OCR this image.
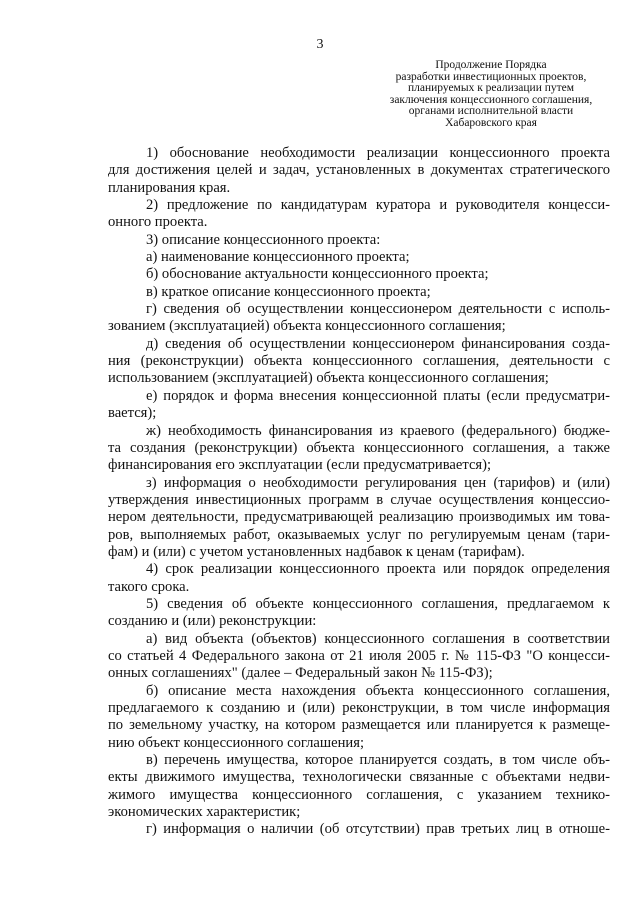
3
Продолжение Порядка
разработки инвестиционных проектов,
планируемых к реализации путем
заключения концессионного соглашения,
органами исполнительной власти
Хабаровского края

1) обоснование необходимости реализации концессионного проекта

для достижения целей и задач, установленных в документах стратегического

планирования края.

2) предложение по кандидатурам куратора и руководителя концесси-

онного проекта.

3) описание концессионного проекта:

а) наименование концессионного проекта;

б) обоснование актуальности концессионного проекта;

в) краткое описание концессионного проекта;

г) сведения об осуществлении концессионером деятельности с исполь-

зованием (эксплуатацией) объекта концессионного соглашения;

д) сведения об осуществлении концессионером финансирования созда-

ния (реконструкции) объекта концессионного соглашения, деятельности с

использованием (эксплуатацией) объекта концессионного соглашения;

е) порядок и форма внесения концессионной платы (если предусматри-

вается);

ж) необходимость финансирования из краевого (федерального) бюдже-

та создания (реконструкции) объекта концессионного соглашения, а также

финансирования его эксплуатации (если предусматривается);

з) информация о необходимости регулирования цен (тарифов) и (или)

утверждения инвестиционных программ в случае осуществления концессио-

нером деятельности, предусматривающей реализацию производимых им това-

ров, выполняемых работ, оказываемых услуг по регулируемым ценам (тари-

фам) и (или) с учетом установленных надбавок к ценам (тарифам).

4) срок реализации концессионного проекта или порядок определения

такого срока.

5) сведения об объекте концессионного соглашения, предлагаемом к

созданию и (или) реконструкции:

а) вид объекта (объектов) концессионного соглашения в соответствии

со статьей 4 Федерального закона от 21 июля 2005 г. № 115-ФЗ "О концесси-

онных соглашениях" (далее – Федеральный закон № 115-ФЗ);

б) описание места нахождения объекта концессионного соглашения,

предлагаемого к созданию и (или) реконструкции, в том числе информация

по земельному участку, на котором размещается или планируется к размеще-

нию объект концессионного соглашения;

в) перечень имущества, которое планируется создать, в том числе объ-

екты движимого имущества, технологически связанные с объектами недви-

жимого имущества концессионного соглашения, с указанием технико-

экономических характеристик;

г) информация о наличии (об отсутствии) прав третьих лиц в отноше-
